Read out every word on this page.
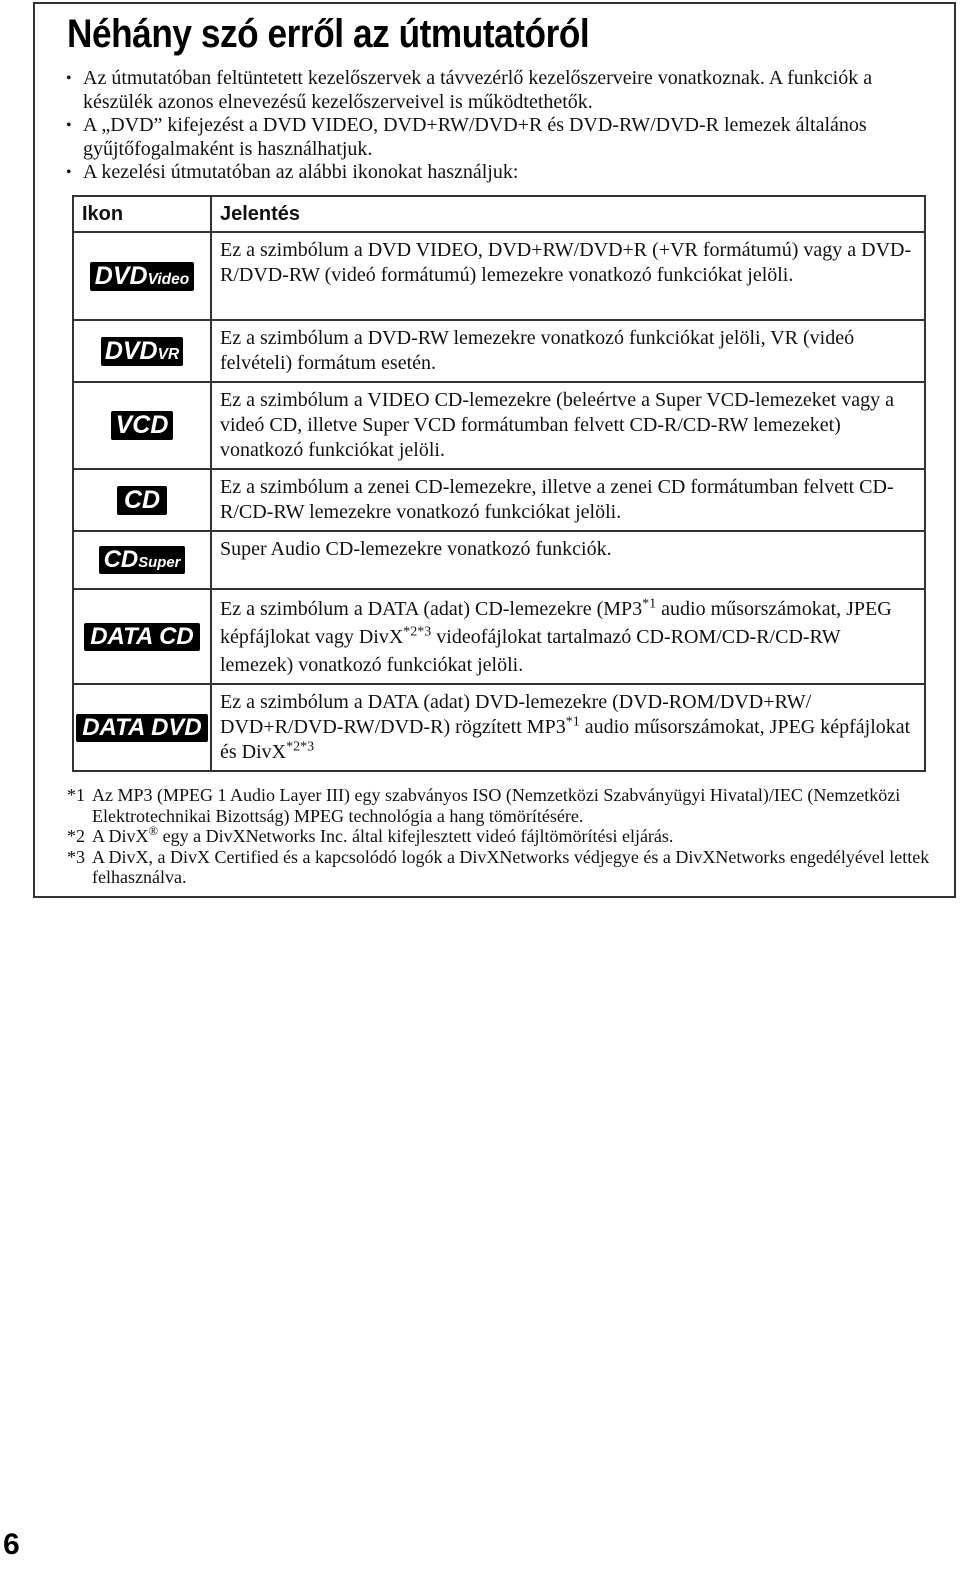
Néhány szó erről az útmutatóról
• Az útmutatóban feltüntetett kezelőszervek a távvezérlő kezelőszerveire vonatkoznak. A funkciók a készülék azonos elnevezésű kezelőszerveivel is működtethetők.
• A „DVD” kifejezést a DVD VIDEO, DVD+RW/DVD+R és DVD-RW/DVD-R lemezek általános gyűjtőfogalmaként is használhatjuk.
• A kezelési útmutatóban az alábbi ikonokat használjuk:
Ikon	Jelentés
DVDVideo	Ez a szimbólum a DVD VIDEO, DVD+RW/DVD+R (+VR formátumú) vagy a DVD-R/DVD-RW (videó formátumú) lemezekre vonatkozó funkciókat jelöli.
DVDVR	Ez a szimbólum a DVD-RW lemezekre vonatkozó funkciókat jelöli, VR (videó felvételi) formátum esetén.
VCD	Ez a szimbólum a VIDEO CD-lemezekre (beleértve a Super VCD-lemezeket vagy a videó CD, illetve Super VCD formátumban felvett CD-R/CD-RW lemezeket) vonatkozó funkciókat jelöli.
CD	Ez a szimbólum a zenei CD-lemezekre, illetve a zenei CD formátumban felvett CD-R/CD-RW lemezekre vonatkozó funkciókat jelöli.
CDSuper	Super Audio CD-lemezekre vonatkozó funkciók.
DATA CD	Ez a szimbólum a DATA (adat) CD-lemezekre (MP3$^{*1}$ audio műsorszámokat, JPEG képfájlokat vagy DivX$^{*2*3}$ videofájlokat tartalmazó CD-ROM/CD-R/CD-RW lemezek) vonatkozó funkciókat jelöli.
DATA DVD	Ez a szimbólum a DATA (adat) DVD-lemezekre (DVD-ROM/DVD+RW/ DVD+R/DVD-RW/DVD-R) rögzített MP3$^{*1}$ audio műsorszámokat, JPEG képfájlokat és DivX$^{*2*3}$
*1 Az MP3 (MPEG 1 Audio Layer III) egy szabványos ISO (Nemzetközi Szabványügyi Hivatal)/IEC (Nemzetközi Elektrotechnikai Bizottság) MPEG technológia a hang tömörítésére.
*2 A DivX® egy a DivXNetworks Inc. által kifejlesztett videó fájltömörítési eljárás.
*3 A DivX, a DivX Certified és a kapcsolódó logók a DivXNetworks védjegye és a DivXNetworks engedélyével lettek felhasználva.

6
